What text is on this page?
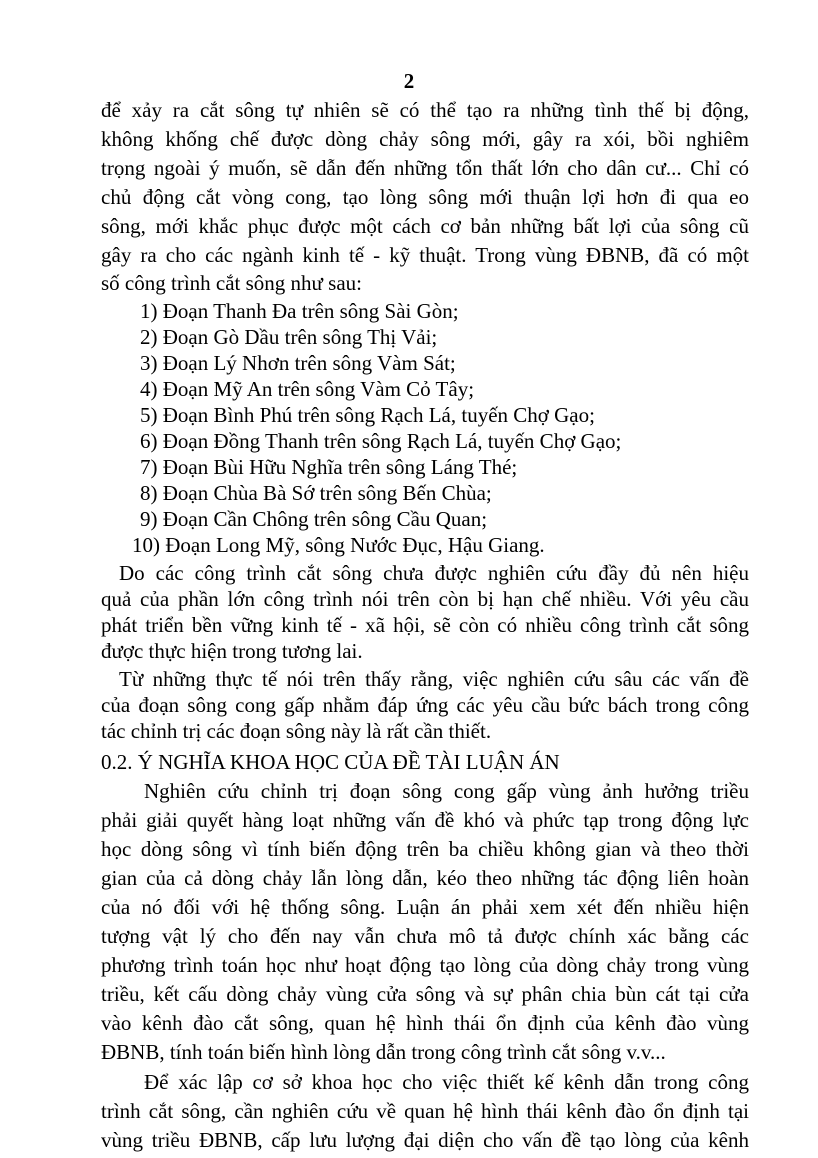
2

để xảy ra cắt sông tự nhiên sẽ có thể tạo ra những tình thế bị động,

không khống chế được dòng chảy sông mới, gây ra xói, bồi nghiêm

trọng ngoài ý muốn, sẽ dẫn đến những tổn thất lớn cho dân cư... Chỉ có

chủ động cắt vòng cong, tạo lòng sông mới thuận lợi hơn đi qua eo

sông, mới khắc phục được một cách cơ bản những bất lợi của sông cũ

gây ra cho các ngành kinh tế - kỹ thuật. Trong vùng ĐBNB, đã có một

số công trình cắt sông như sau:

1) Đoạn Thanh Đa trên sông Sài Gòn;

2) Đoạn Gò Dầu trên sông Thị Vải;

3) Đoạn Lý Nhơn trên sông Vàm Sát;

4) Đoạn Mỹ An trên sông Vàm Cỏ Tây;

5) Đoạn Bình Phú trên sông Rạch Lá, tuyến Chợ Gạo;

6) Đoạn Đồng Thanh trên sông Rạch Lá, tuyến Chợ Gạo;

7) Đoạn Bùi Hữu Nghĩa trên sông Láng Thé;

8) Đoạn Chùa Bà Sớ trên sông Bến Chùa;

9) Đoạn Cần Chông trên sông Cầu Quan;

10) Đoạn Long Mỹ, sông Nước Đục, Hậu Giang.

Do các công trình cắt sông chưa được nghiên cứu đầy đủ nên hiệu

quả của phần lớn công trình nói trên còn bị hạn chế nhiều. Với yêu cầu

phát triển bền vững kinh tế - xã hội, sẽ còn có nhiều công trình cắt sông

được thực hiện trong tương lai.

Từ những thực tế nói trên thấy rằng, việc nghiên cứu sâu các vấn đề

của đoạn sông cong gấp nhằm đáp ứng các yêu cầu bức bách trong công

tác chỉnh trị các đoạn sông này là rất cần thiết.

0.2. Ý NGHĨA KHOA HỌC CỦA ĐỀ TÀI LUẬN ÁN

Nghiên cứu chỉnh trị đoạn sông cong gấp vùng ảnh hưởng triều

phải giải quyết hàng loạt những vấn đề khó và phức tạp trong động lực

học dòng sông vì tính biến động trên ba chiều không gian và theo thời

gian của cả dòng chảy lẫn lòng dẫn, kéo theo những tác động liên hoàn

của nó đối với hệ thống sông. Luận án phải xem xét đến nhiều hiện

tượng vật lý cho đến nay vẫn chưa mô tả được chính xác bằng các

phương trình toán học như hoạt động tạo lòng của dòng chảy trong vùng

triều, kết cấu dòng chảy vùng cửa sông và sự phân chia bùn cát tại cửa

vào kênh đào cắt sông, quan hệ hình thái ổn định của kênh đào vùng

ĐBNB, tính toán biến hình lòng dẫn trong công trình cắt sông v.v...

Để xác lập cơ sở khoa học cho việc thiết kế kênh dẫn trong công

trình cắt sông, cần nghiên cứu về quan hệ hình thái kênh đào ổn định tại

vùng triều ĐBNB, cấp lưu lượng đại diện cho vấn đề tạo lòng của kênh
